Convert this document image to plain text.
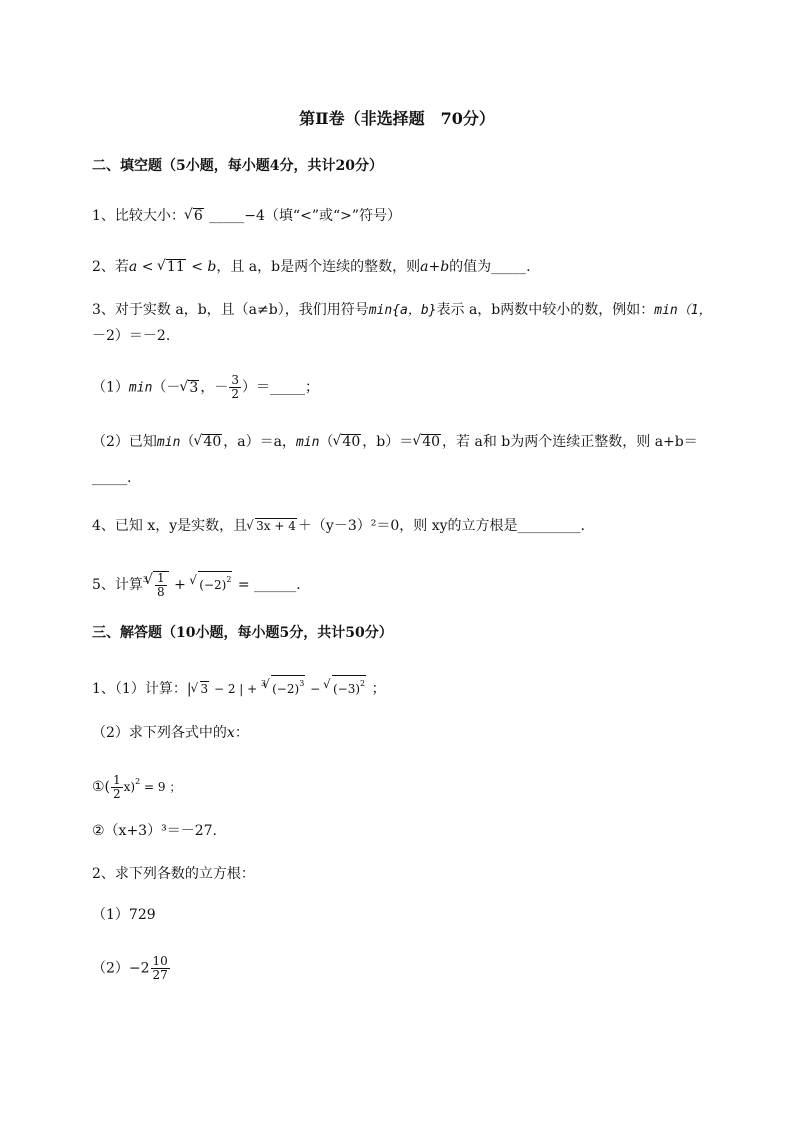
第Ⅱ卷（非选择题　70分）
二、填空题（5小题，每小题4分，共计20分）
1、比较大小： √ 6 _____−4（填“<”或“>”符号）
2、若a < √ 11 < b，且 a，b是两个连续的整数，则a+b的值为_____.
3、对于实数 a，b，且（a≠b），我们用符号min{a，b}表示 a，b两数中较小的数，例如：min（1，
－2）＝－2.
（1）min（－ √ 3 ，－ $\frac{3}{2}$ ）＝_____；
（2）已知min（ √ 40 ，a）＝a，min（ √ 40 ，b）＝ √ 40 ，若 a和 b为两个连续正整数，则 a+b＝
_____.
4、已知 x，y是实数，且 √ 3x + 4 ＋（y－3）²＝0，则 xy的立方根是_________.
5、计算$^3$ √ $\frac{1}{8}$ + √ $(-2)^2$ = ______.
三、解答题（10小题，每小题5分，共计50分）
1、（1）计算：| √ 3 − 2 | + $^3$ √ $(-2)^3$ − √ $(-3)^2$ ；
（2）求下列各式中的x：
①( $\frac{1}{2} x)^2 = 9$ ；
②（x+3）³＝－27.
2、求下列各数的立方根：
（1）729
$(2)-2 \frac{10}{27}$
